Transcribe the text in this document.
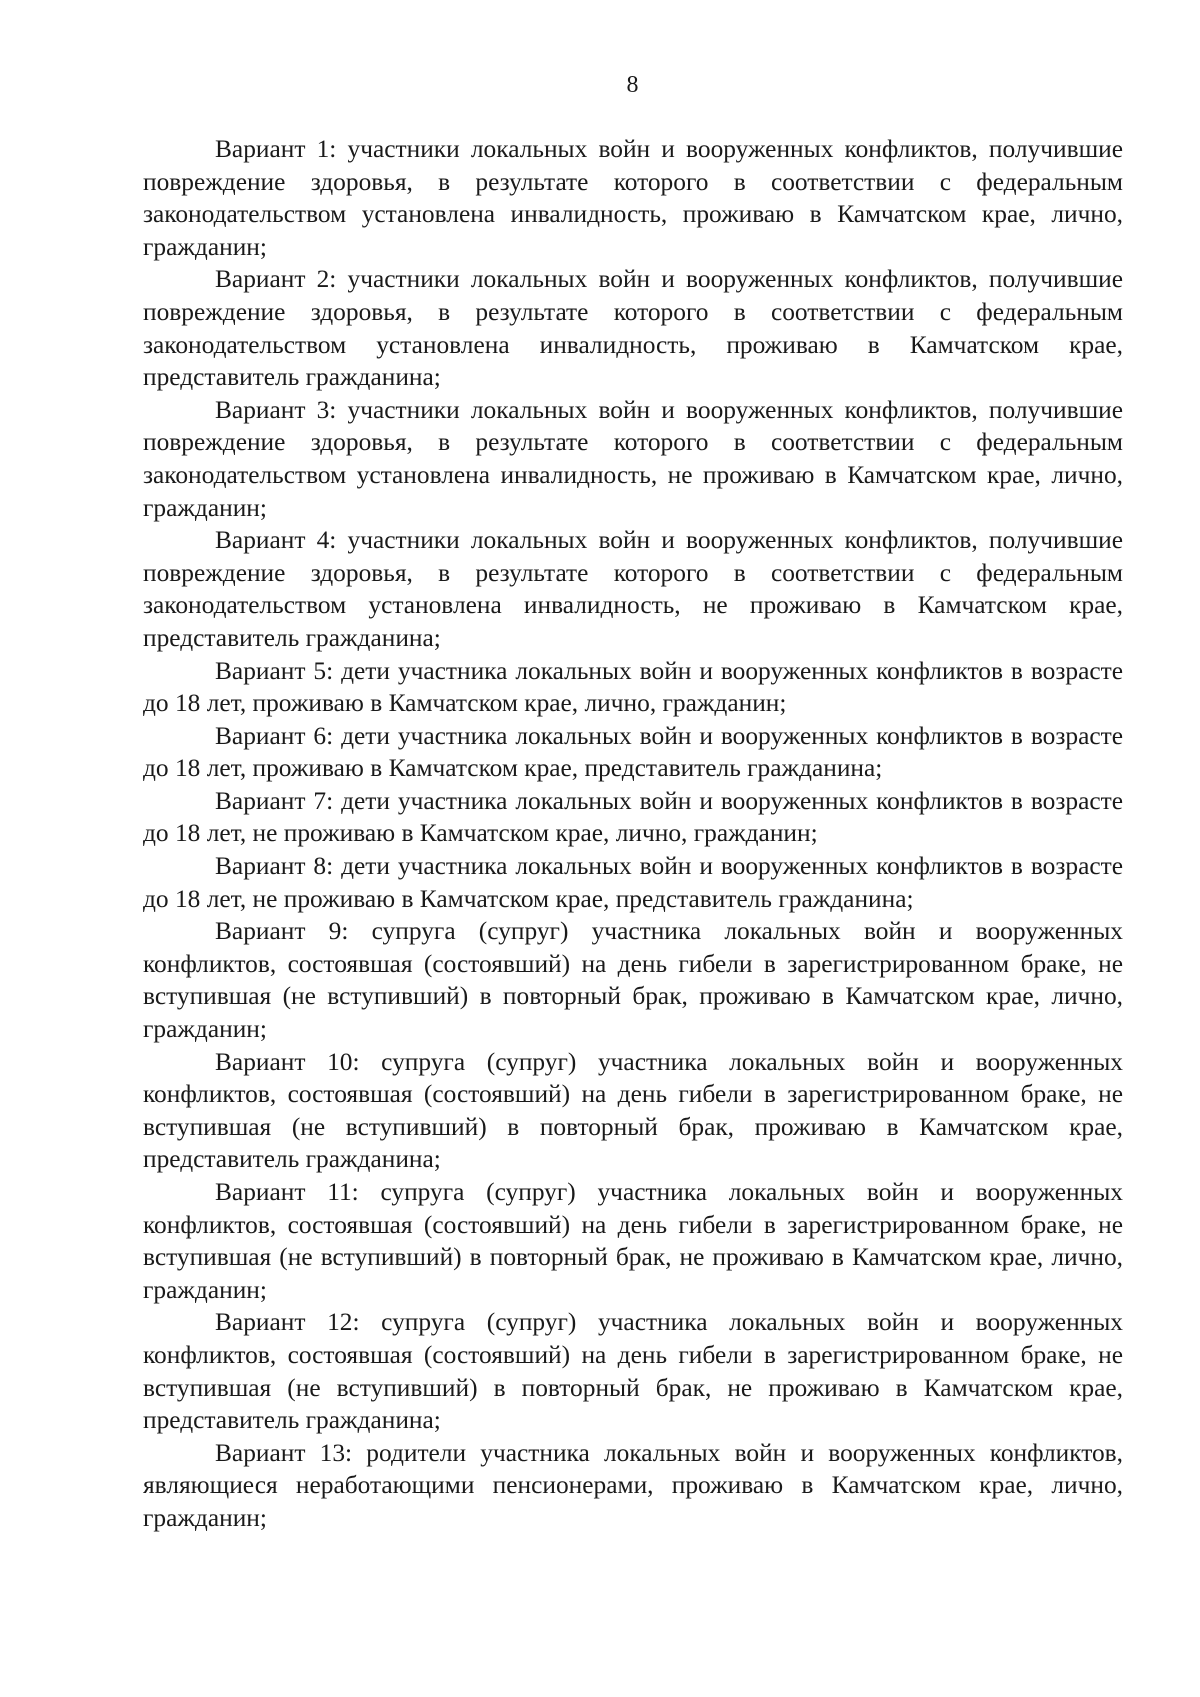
8

Вариант 1: участники локальных войн и вооруженных конфликтов, получившие повреждение здоровья, в результате которого в соответствии с федеральным законодательством установлена инвалидность, проживаю в Камчатском крае, лично, гражданин;

Вариант 2: участники локальных войн и вооруженных конфликтов, получившие повреждение здоровья, в результате которого в соответствии с федеральным законодательством установлена инвалидность, проживаю в Камчатском крае, представитель гражданина;

Вариант 3: участники локальных войн и вооруженных конфликтов, получившие повреждение здоровья, в результате которого в соответствии с федеральным законодательством установлена инвалидность, не проживаю в Камчатском крае, лично, гражданин;

Вариант 4: участники локальных войн и вооруженных конфликтов, получившие повреждение здоровья, в результате которого в соответствии с федеральным законодательством установлена инвалидность, не проживаю в Камчатском крае, представитель гражданина;

Вариант 5: дети участника локальных войн и вооруженных конфликтов в возрасте до 18 лет, проживаю в Камчатском крае, лично, гражданин;

Вариант 6: дети участника локальных войн и вооруженных конфликтов в возрасте до 18 лет, проживаю в Камчатском крае, представитель гражданина;

Вариант 7: дети участника локальных войн и вооруженных конфликтов в возрасте до 18 лет, не проживаю в Камчатском крае, лично, гражданин;

Вариант 8: дети участника локальных войн и вооруженных конфликтов в возрасте до 18 лет, не проживаю в Камчатском крае, представитель гражданина;

Вариант 9: супруга (супруг) участника локальных войн и вооруженных конфликтов, состоявшая (состоявший) на день гибели в зарегистрированном браке, не вступившая (не вступивший) в повторный брак, проживаю в Камчатском крае, лично, гражданин;

Вариант 10: супруга (супруг) участника локальных войн и вооруженных конфликтов, состоявшая (состоявший) на день гибели в зарегистрированном браке, не вступившая (не вступивший) в повторный брак, проживаю в Камчатском крае, представитель гражданина;

Вариант 11: супруга (супруг) участника локальных войн и вооруженных конфликтов, состоявшая (состоявший) на день гибели в зарегистрированном браке, не вступившая (не вступивший) в повторный брак, не проживаю в Камчатском крае, лично, гражданин;

Вариант 12: супруга (супруг) участника локальных войн и вооруженных конфликтов, состоявшая (состоявший) на день гибели в зарегистрированном браке, не вступившая (не вступивший) в повторный брак, не проживаю в Камчатском крае, представитель гражданина;

Вариант 13: родители участника локальных войн и вооруженных конфликтов, являющиеся неработающими пенсионерами, проживаю в Камчатском крае, лично, гражданин;
